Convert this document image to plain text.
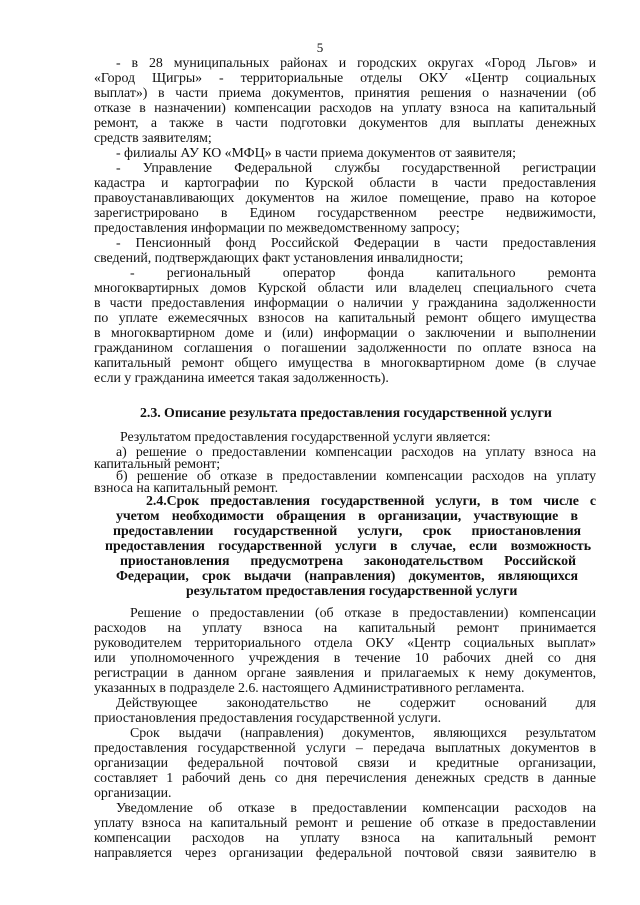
5
- в 28 муниципальных районах и городских округах «Город Льгов» и
«Город Щигры» - территориальные отделы ОКУ «Центр социальных
выплат») в части приема документов, принятия решения о назначении (об
отказе в назначении) компенсации расходов на уплату взноса на капитальный
ремонт, а также в части подготовки документов для выплаты денежных
средств заявителям;
- филиалы АУ КО «МФЦ» в части приема документов от заявителя;
- Управление Федеральной службы государственной регистрации
кадастра и картографии по Курской области в части предоставления
правоустанавливающих документов на жилое помещение, право на которое
зарегистрировано в Едином государственном реестре недвижимости,
предоставления информации по межведомственному запросу;
- Пенсионный фонд Российской Федерации в части предоставления
сведений, подтверждающих факт установления инвалидности;
- региональный оператор фонда капитального ремонта
многоквартирных домов Курской области или владелец специального счета
в части предоставления информации о наличии у гражданина задолженности
по уплате ежемесячных взносов на капитальный ремонт общего имущества
в многоквартирном доме и (или) информации о заключении и выполнении
гражданином соглашения о погашении задолженности по оплате взноса на
капитальный ремонт общего имущества в многоквартирном доме (в случае
если у гражданина имеется такая задолженность).
2.3. Описание результата предоставления государственной услуги
Результатом предоставления государственной услуги является:
а) решение о предоставлении компенсации расходов на уплату взноса на
капитальный ремонт;
б) решение об отказе в предоставлении компенсации расходов на уплату
взноса на капитальный ремонт.
2.4.Срок предоставления государственной услуги, в том числе с
учетом необходимости обращения в организации, участвующие в
предоставлении государственной услуги, срок приостановления
предоставления государственной услуги в случае, если возможность
приостановления предусмотрена законодательством Российской
Федерации, срок выдачи (направления) документов, являющихся
результатом предоставления государственной услуги
Решение о предоставлении (об отказе в предоставлении) компенсации
расходов на уплату взноса на капитальный ремонт принимается
руководителем территориального отдела ОКУ «Центр социальных выплат»
или уполномоченного учреждения в течение 10 рабочих дней со дня
регистрации в данном органе заявления и прилагаемых к нему документов,
указанных в подразделе 2.6. настоящего Административного регламента.
Действующее законодательство не содержит оснований для
приостановления предоставления государственной услуги.
Срок выдачи (направления) документов, являющихся результатом
предоставления государственной услуги – передача выплатных документов в
организации федеральной почтовой связи и кредитные организации,
составляет 1 рабочий день со дня перечисления денежных средств в данные
организации.
Уведомление об отказе в предоставлении компенсации расходов на
уплату взноса на капитальный ремонт и решение об отказе в предоставлении
компенсации расходов на уплату взноса на капитальный ремонт
направляется через организации федеральной почтовой связи заявителю в
